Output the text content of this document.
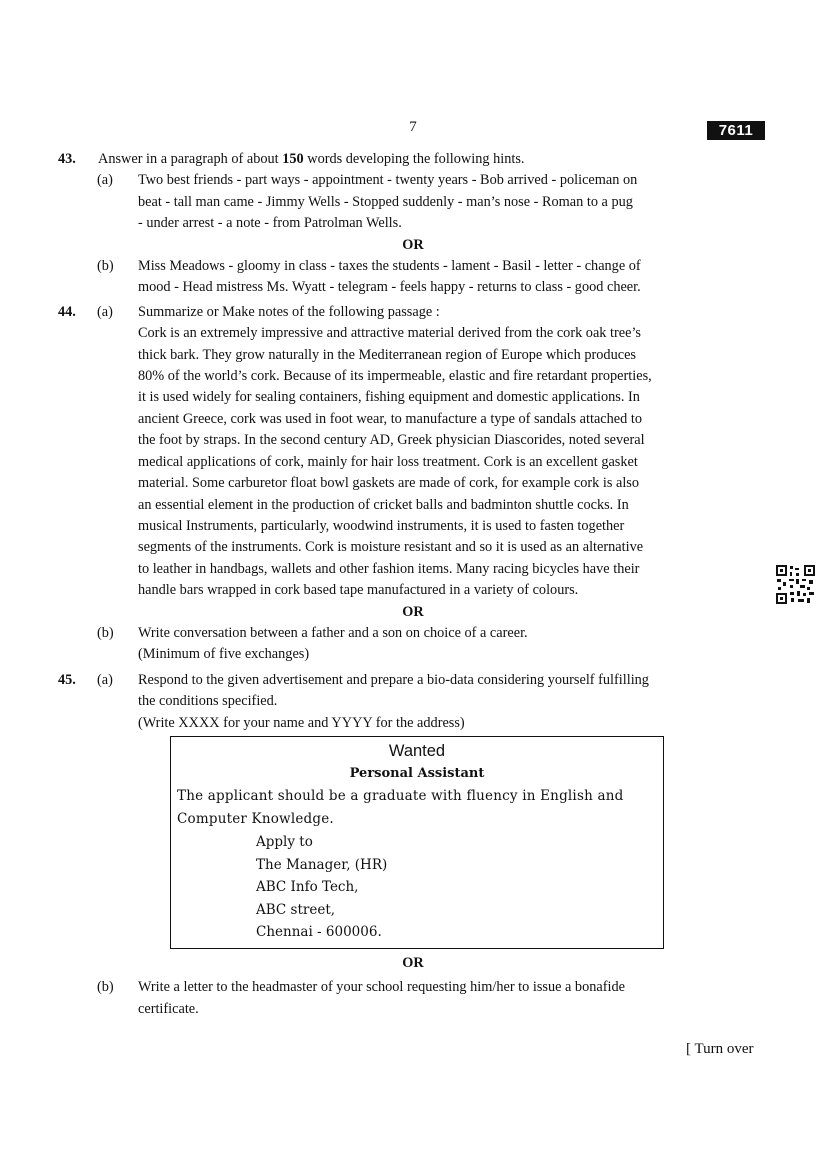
7	7611
43. Answer in a paragraph of about 150 words developing the following hints.
(a) Two best friends - part ways - appointment - twenty years - Bob arrived - policeman on
beat - tall man came - Jimmy Wells - Stopped suddenly - man’s nose - Roman to a pug
- under arrest - a note - from Patrolman Wells.
OR
(b) Miss Meadows - gloomy in class - taxes the students - lament - Basil - letter - change of
mood - Head mistress Ms. Wyatt - telegram - feels happy - returns to class - good cheer.
44. (a) Summarize or Make notes of the following passage :
Cork is an extremely impressive and attractive material derived from the cork oak tree’s
thick bark. They grow naturally in the Mediterranean region of Europe which produces
80% of the world’s cork. Because of its impermeable, elastic and fire retardant properties,
it is used widely for sealing containers, fishing equipment and domestic applications. In
ancient Greece, cork was used in foot wear, to manufacture a type of sandals attached to
the foot by straps. In the second century AD, Greek physician Diascorides, noted several
medical applications of cork, mainly for hair loss treatment. Cork is an excellent gasket
material. Some carburetor float bowl gaskets are made of cork, for example cork is also
an essential element in the production of cricket balls and badminton shuttle cocks. In
musical Instruments, particularly, woodwind instruments, it is used to fasten together
segments of the instruments. Cork is moisture resistant and so it is used as an alternative
to leather in handbags, wallets and other fashion items. Many racing bicycles have their
handle bars wrapped in cork based tape manufactured in a variety of colours.
OR
(b) Write conversation between a father and a son on choice of a career.
(Minimum of five exchanges)
45. (a) Respond to the given advertisement and prepare a bio-data considering yourself fulfilling
the conditions specified.
(Write XXXX for your name and YYYY for the address)
Wanted
Personal Assistant
The applicant should be a graduate with fluency in English and
Computer Knowledge.
Apply to
The Manager, (HR)
ABC Info Tech,
ABC street,
Chennai - 600006.
OR
(b) Write a letter to the headmaster of your school requesting him/her to issue a bonafide
certificate.
[ Turn over
